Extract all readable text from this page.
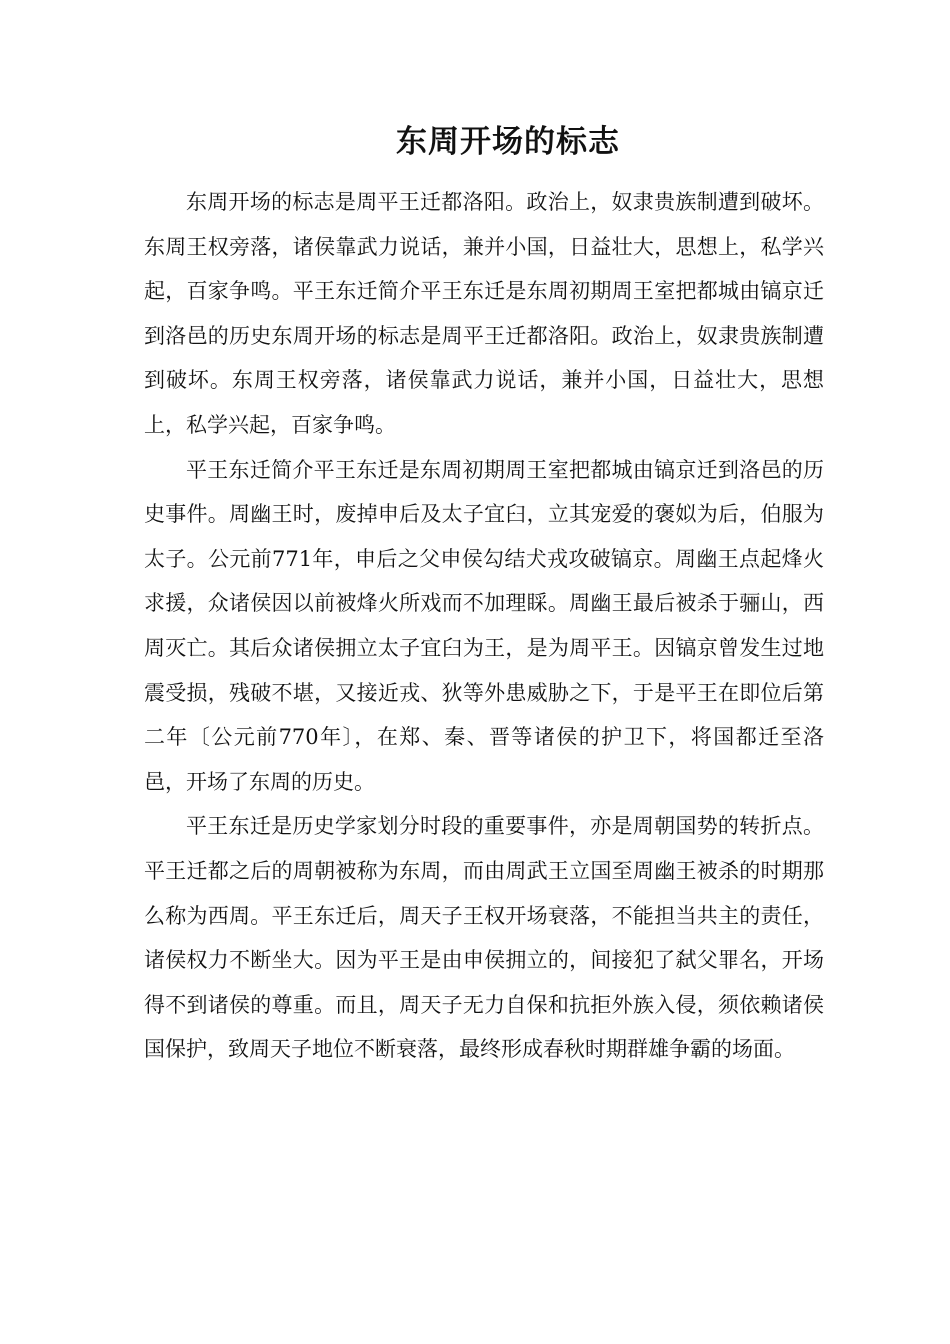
东周开场的标志

东周开场的标志是周平王迁都洛阳。政治上，奴隶贵族制遭到破坏。东周王权旁落，诸侯靠武力说话，兼并小国，日益壮大，思想上，私学兴起，百家争鸣。平王东迁简介平王东迁是东周初期周王室把都城由镐京迁到洛邑的历史东周开场的标志是周平王迁都洛阳。政治上，奴隶贵族制遭到破坏。东周王权旁落，诸侯靠武力说话，兼并小国，日益壮大，思想上，私学兴起，百家争鸣。

平王东迁简介平王东迁是东周初期周王室把都城由镐京迁到洛邑的历史事件。周幽王时，废掉申后及太子宜臼，立其宠爱的褒姒为后，伯服为太子。公元前771年，申后之父申侯勾结犬戎攻破镐京。周幽王点起烽火求援，众诸侯因以前被烽火所戏而不加理睬。周幽王最后被杀于骊山，西周灭亡。其后众诸侯拥立太子宜臼为王，是为周平王。因镐京曾发生过地震受损，残破不堪，又接近戎、狄等外患威胁之下，于是平王在即位后第二年〔公元前770年〕，在郑、秦、晋等诸侯的护卫下，将国都迁至洛邑，开场了东周的历史。

平王东迁是历史学家划分时段的重要事件，亦是周朝国势的转折点。平王迁都之后的周朝被称为东周，而由周武王立国至周幽王被杀的时期那么称为西周。平王东迁后，周天子王权开场衰落，不能担当共主的责任，诸侯权力不断坐大。因为平王是由申侯拥立的，间接犯了弑父罪名，开场得不到诸侯的尊重。而且，周天子无力自保和抗拒外族入侵，须依赖诸侯国保护，致周天子地位不断衰落，最终形成春秋时期群雄争霸的场面。
